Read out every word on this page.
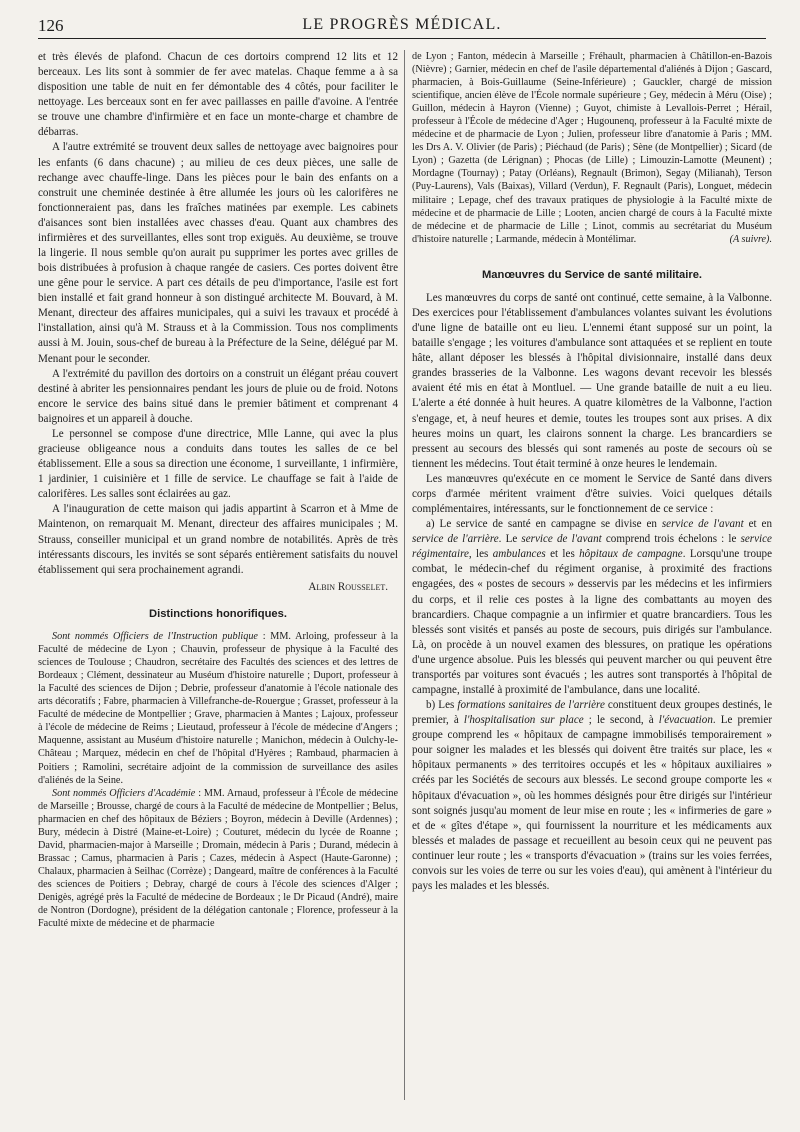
126	LE PROGRÈS MÉDICAL.

et très élevés de plafond. Chacun de ces dortoirs comprend 12 lits et 12 berceaux. Les lits sont à sommier de fer avec matelas. Chaque femme a à sa disposition une table de nuit en fer démontable des 4 côtés, pour faciliter le nettoyage. Les berceaux sont en fer avec paillasses en paille d'avoine. A l'entrée se trouve une chambre d'infirmière et en face un monte-charge et chambre de débarras.

A l'autre extrémité se trouvent deux salles de nettoyage avec baignoires pour les enfants (6 dans chacune) ; au milieu de ces deux pièces, une salle de rechange avec chauffe-linge. Dans les pièces pour le bain des enfants on a construit une cheminée destinée à être allumée les jours où les calorifères ne fonctionneraient pas, dans les fraîches matinées par exemple. Les cabinets d'aisances sont bien installées avec chasses d'eau. Quant aux chambres des infirmières et des surveillantes, elles sont trop exiguës. Au deuxième, se trouve la lingerie. Il nous semble qu'on aurait pu supprimer les portes avec grilles de bois distribuées à profusion à chaque rangée de casiers. Ces portes doivent être une gêne pour le service. A part ces détails de peu d'importance, l'asile est fort bien installé et fait grand honneur à son distingué architecte M. Bouvard, à M. Menant, directeur des affaires municipales, qui a suivi les travaux et procédé à l'installation, ainsi qu'à M. Strauss et à la Commission. Tous nos compliments aussi à M. Jouin, sous-chef de bureau à la Préfecture de la Seine, délégué par M. Menant pour le seconder.

A l'extrémité du pavillon des dortoirs on a construit un élégant préau couvert destiné à abriter les pensionnaires pendant les jours de pluie ou de froid. Notons encore le service des bains situé dans le premier bâtiment et comprenant 4 baignoires et un appareil à douche.

Le personnel se compose d'une directrice, Mlle Lanne, qui avec la plus gracieuse obligeance nous a conduits dans toutes les salles de ce bel établissement. Elle a sous sa direction une économe, 1 surveillante, 1 infirmière, 1 jardinier, 1 cuisinière et 1 fille de service. Le chauffage se fait à l'aide de calorifères. Les salles sont éclairées au gaz.

A l'inauguration de cette maison qui jadis appartint à Scarron et à Mme de Maintenon, on remarquait M. Menant, directeur des affaires municipales ; M. Strauss, conseiller municipal et un grand nombre de notabilités. Après de très intéressants discours, les invités se sont séparés entièrement satisfaits du nouvel établissement qui sera prochainement agrandi.

Albin Rousselet.

Distinctions honorifiques.

Sont nommés Officiers de l'Instruction publique : MM. Arloing, professeur à la Faculté de médecine de Lyon ; Chauvin, professeur de physique à la Faculté des sciences de Toulouse ; Chaudron, secrétaire des Facultés des sciences et des lettres de Bordeaux ; Clément, dessinateur au Muséum d'histoire naturelle ; Duport, professeur à la Faculté des sciences de Dijon ; Debrie, professeur d'anatomie à l'école nationale des arts décoratifs ; Fabre, pharmacien à Villefranche-de-Rouergue ; Grasset, professeur à la Faculté de médecine de Montpellier ; Grave, pharmacien à Mantes ; Lajoux, professeur à l'école de médecine de Reims ; Lieutaud, professeur à l'école de médecine d'Angers ; Maquenne, assistant au Muséum d'histoire naturelle ; Manichon, médecin à Oulchy-le-Château ; Marquez, médecin en chef de l'hôpital d'Hyères ; Rambaud, pharmacien à Poitiers ; Ramolini, secrétaire adjoint de la commission de surveillance des asiles d'aliénés de la Seine.

Sont nommés Officiers d'Académie : MM. Arnaud, professeur à l'École de médecine de Marseille ; Brousse, chargé de cours à la Faculté de médecine de Montpellier ; Belus, pharmacien en chef des hôpitaux de Béziers ; Boyron, médecin à Deville (Ardennes) ; Bury, médecin à Distré (Maine-et-Loire) ; Couturet, médecin du lycée de Roanne ; David, pharmacien-major à Marseille ; Dromain, médecin à Paris ; Durand, médecin à Brassac ; Camus, pharmacien à Paris ; Cazes, médecin à Aspect (Haute-Garonne) ; Chalaux, pharmacien à Seilhac (Corrèze) ; Dangeard, maître de conférences à la Faculté des sciences de Poitiers ; Debray, chargé de cours à l'école des sciences d'Alger ; Denigès, agrégé près la Faculté de médecine de Bordeaux ; le Dr Picaud (André), maire de Nontron (Dordogne), président de la délégation cantonale ; Florence, professeur à la Faculté mixte de médecine et de pharmacie

de Lyon ; Fanton, médecin à Marseille ; Fréhault, pharmacien à Châtillon-en-Bazois (Nièvre) ; Garnier, médecin en chef de l'asile départemental d'aliénés à Dijon ; Gascard, pharmacien, à Bois-Guillaume (Seine-Inférieure) ; Gauckler, chargé de mission scientifique, ancien élève de l'École normale supérieure ; Gey, médecin à Méru (Oise) ; Guillon, médecin à Hayron (Vienne) ; Guyot, chimiste à Levallois-Perret ; Hérail, professeur à l'École de médecine d'Ager ; Hugounenq, professeur à la Faculté mixte de médecine et de pharmacie de Lyon ; Julien, professeur libre d'anatomie à Paris ; MM. les Drs A. V. Olivier (de Paris) ; Piéchaud (de Paris) ; Sène (de Montpellier) ; Sicard (de Lyon) ; Gazetta (de Lérignan) ; Phocas (de Lille) ; Limouzin-Lamotte (Meunent) ; Mordagne (Tournay) ; Patay (Orléans), Regnault (Brimon), Segay (Milianah), Terson (Puy-Laurens), Vals (Baixas), Villard (Verdun), F. Regnault (Paris), Longuet, médecin militaire ; Lepage, chef des travaux pratiques de physiologie à la Faculté mixte de médecine et de pharmacie de Lille ; Looten, ancien chargé de cours à la Faculté mixte de médecine et de pharmacie de Lille ; Linot, commis au secrétariat du Muséum d'histoire naturelle ; Larmande, médecin à Montélimar.	(A suivre).

Manœuvres du Service de santé militaire.

Les manœuvres du corps de santé ont continué, cette semaine, à la Valbonne. Des exercices pour l'établissement d'ambulances volantes suivant les évolutions d'une ligne de bataille ont eu lieu. L'ennemi étant supposé sur un point, la bataille s'engage ; les voitures d'ambulance sont attaquées et se replient en toute hâte, allant déposer les blessés à l'hôpital divisionnaire, installé dans deux grandes brasseries de la Valbonne. Les wagons devant recevoir les blessés avaient été mis en état à Montluel. — Une grande bataille de nuit a eu lieu. L'alerte a été donnée à huit heures. A quatre kilomètres de la Valbonne, l'action s'engage, et, à neuf heures et demie, toutes les troupes sont aux prises. A dix heures moins un quart, les clairons sonnent la charge. Les brancardiers se pressent au secours des blessés qui sont ramenés au poste de secours où se tiennent les médecins. Tout était terminé à onze heures le lendemain.

Les manœuvres qu'exécute en ce moment le Service de Santé dans divers corps d'armée méritent vraiment d'être suivies. Voici quelques détails complémentaires, intéressants, sur le fonctionnement de ce service :

a) Le service de santé en campagne se divise en service de l'avant et en service de l'arrière. Le service de l'avant comprend trois échelons : le service régimentaire, les ambulances et les hôpitaux de campagne. Lorsqu'une troupe combat, le médecin-chef du régiment organise, à proximité des fractions engagées, des « postes de secours » desservis par les médecins et les infirmiers du corps, et il relie ces postes à la ligne des combattants au moyen des brancardiers. Chaque compagnie a un infirmier et quatre brancardiers. Tous les blessés sont visités et pansés au poste de secours, puis dirigés sur l'ambulance. Là, on procède à un nouvel examen des blessures, on pratique les opérations d'une urgence absolue. Puis les blessés qui peuvent marcher ou qui peuvent être transportés par voitures sont évacués ; les autres sont transportés à l'hôpital de campagne, installé à proximité de l'ambulance, dans une localité.

b) Les formations sanitaires de l'arrière constituent deux groupes destinés, le premier, à l'hospitalisation sur place ; le second, à l'évacuation. Le premier groupe comprend les « hôpitaux de campagne immobilisés temporairement » pour soigner les malades et les blessés qui doivent être traités sur place, les « hôpitaux permanents » des territoires occupés et les « hôpitaux auxiliaires » créés par les Sociétés de secours aux blessés. Le second groupe comporte les « hôpitaux d'évacuation », où les hommes désignés pour être dirigés sur l'intérieur sont soignés jusqu'au moment de leur mise en route ; les « infirmeries de gare » et de « gîtes d'étape », qui fournissent la nourriture et les médicaments aux blessés et malades de passage et recueillent au besoin ceux qui ne peuvent pas continuer leur route ; les « transports d'évacuation » (trains sur les voies ferrées, convois sur les voies de terre ou sur les voies d'eau), qui amènent à l'intérieur du pays les malades et les blessés.
